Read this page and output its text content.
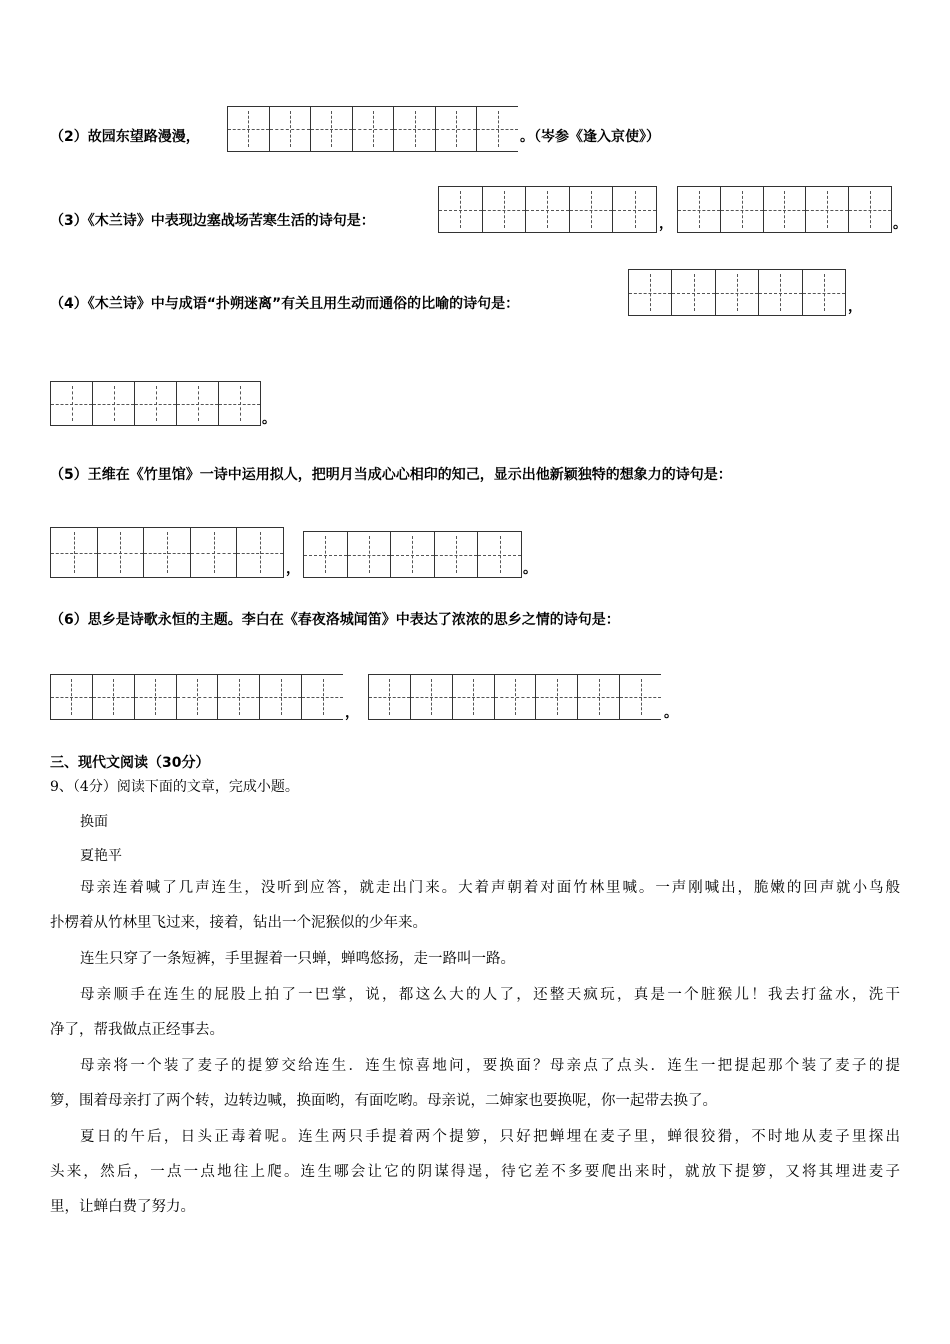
（2）故园东望路漫漫，	。（岑参《逢入京使》）
（3）《木兰诗》中表现边塞战场苦寒生活的诗句是：	，	。
（4）《木兰诗》中与成语“扑朔迷离”有关且用生动而通俗的比喻的诗句是：	，
。
（5）王维在《竹里馆》一诗中运用拟人，把明月当成心心相印的知己，显示出他新颖独特的想象力的诗句是：
，	。
（6）思乡是诗歌永恒的主题。李白在《春夜洛城闻笛》中表达了浓浓的思乡之情的诗句是：
，	。
三、现代文阅读（30分）
9、（4分）阅读下面的文章，完成小题。
换面
夏艳平
母亲连着喊了几声连生，没听到应答，就走出门来。大着声朝着对面竹林里喊。一声刚喊出，脆嫩的回声就小鸟般
扑楞着从竹林里飞过来，接着，钻出一个泥猴似的少年来。
连生只穿了一条短裤，手里握着一只蝉，蝉鸣悠扬，走一路叫一路。
母亲顺手在连生的屁股上拍了一巴掌，说，都这么大的人了，还整天疯玩，真是一个脏猴儿！我去打盆水，洗干
净了，帮我做点正经事去。
母亲将一个装了麦子的提箩交给连生．连生惊喜地问，要换面？母亲点了点头．连生一把提起那个装了麦子的提
箩，围着母亲打了两个转，边转边喊，换面哟，有面吃哟。母亲说，二婶家也要换呢，你一起带去换了。
夏日的午后，日头正毒着呢。连生两只手提着两个提箩，只好把蝉埋在麦子里，蝉很狡猾，不时地从麦子里探出
头来，然后，一点一点地往上爬。连生哪会让它的阴谋得逞，待它差不多要爬出来时，就放下提箩，又将其埋进麦子
里，让蝉白费了努力。
